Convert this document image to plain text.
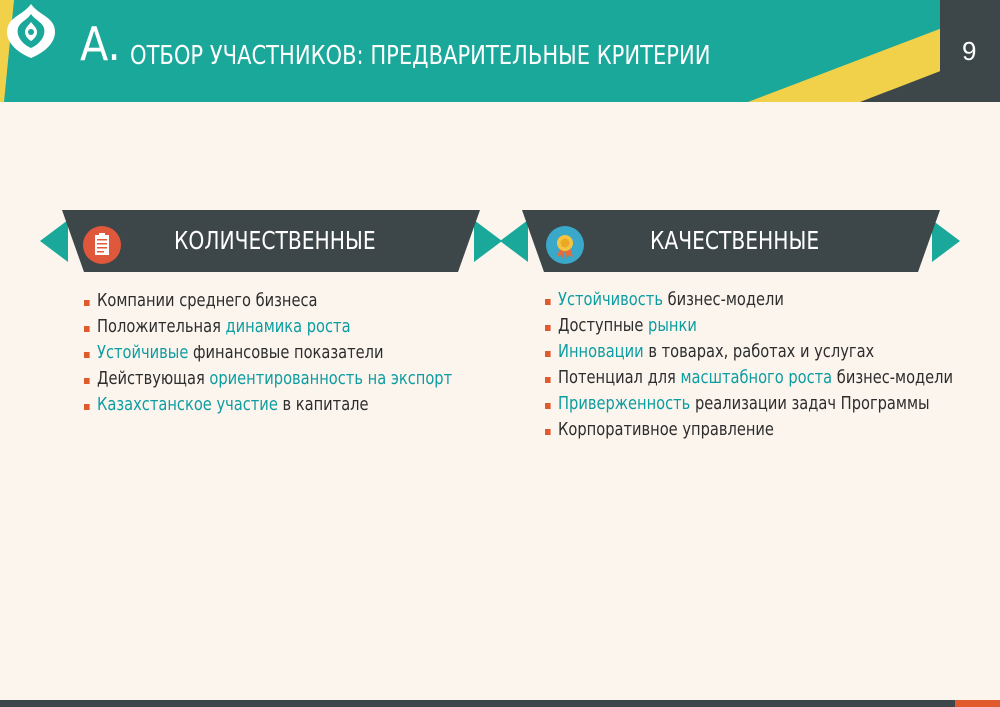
A. ОТБОР УЧАСТНИКОВ: ПРЕДВАРИТЕЛЬНЫЕ КРИТЕРИИ	9
КОЛИЧЕСТВЕННЫЕ	КАЧЕСТВЕННЫЕ
Компании среднего бизнеса
Положительная динамика роста
Устойчивые финансовые показатели
Действующая ориентированность на экспорт
Казахстанское участие в капитале
Устойчивость бизнес-модели
Доступные рынки
Инновации в товарах, работах и услугах
Потенциал для масштабного роста бизнес-модели
Приверженность реализации задач Программы
Корпоративное управление
